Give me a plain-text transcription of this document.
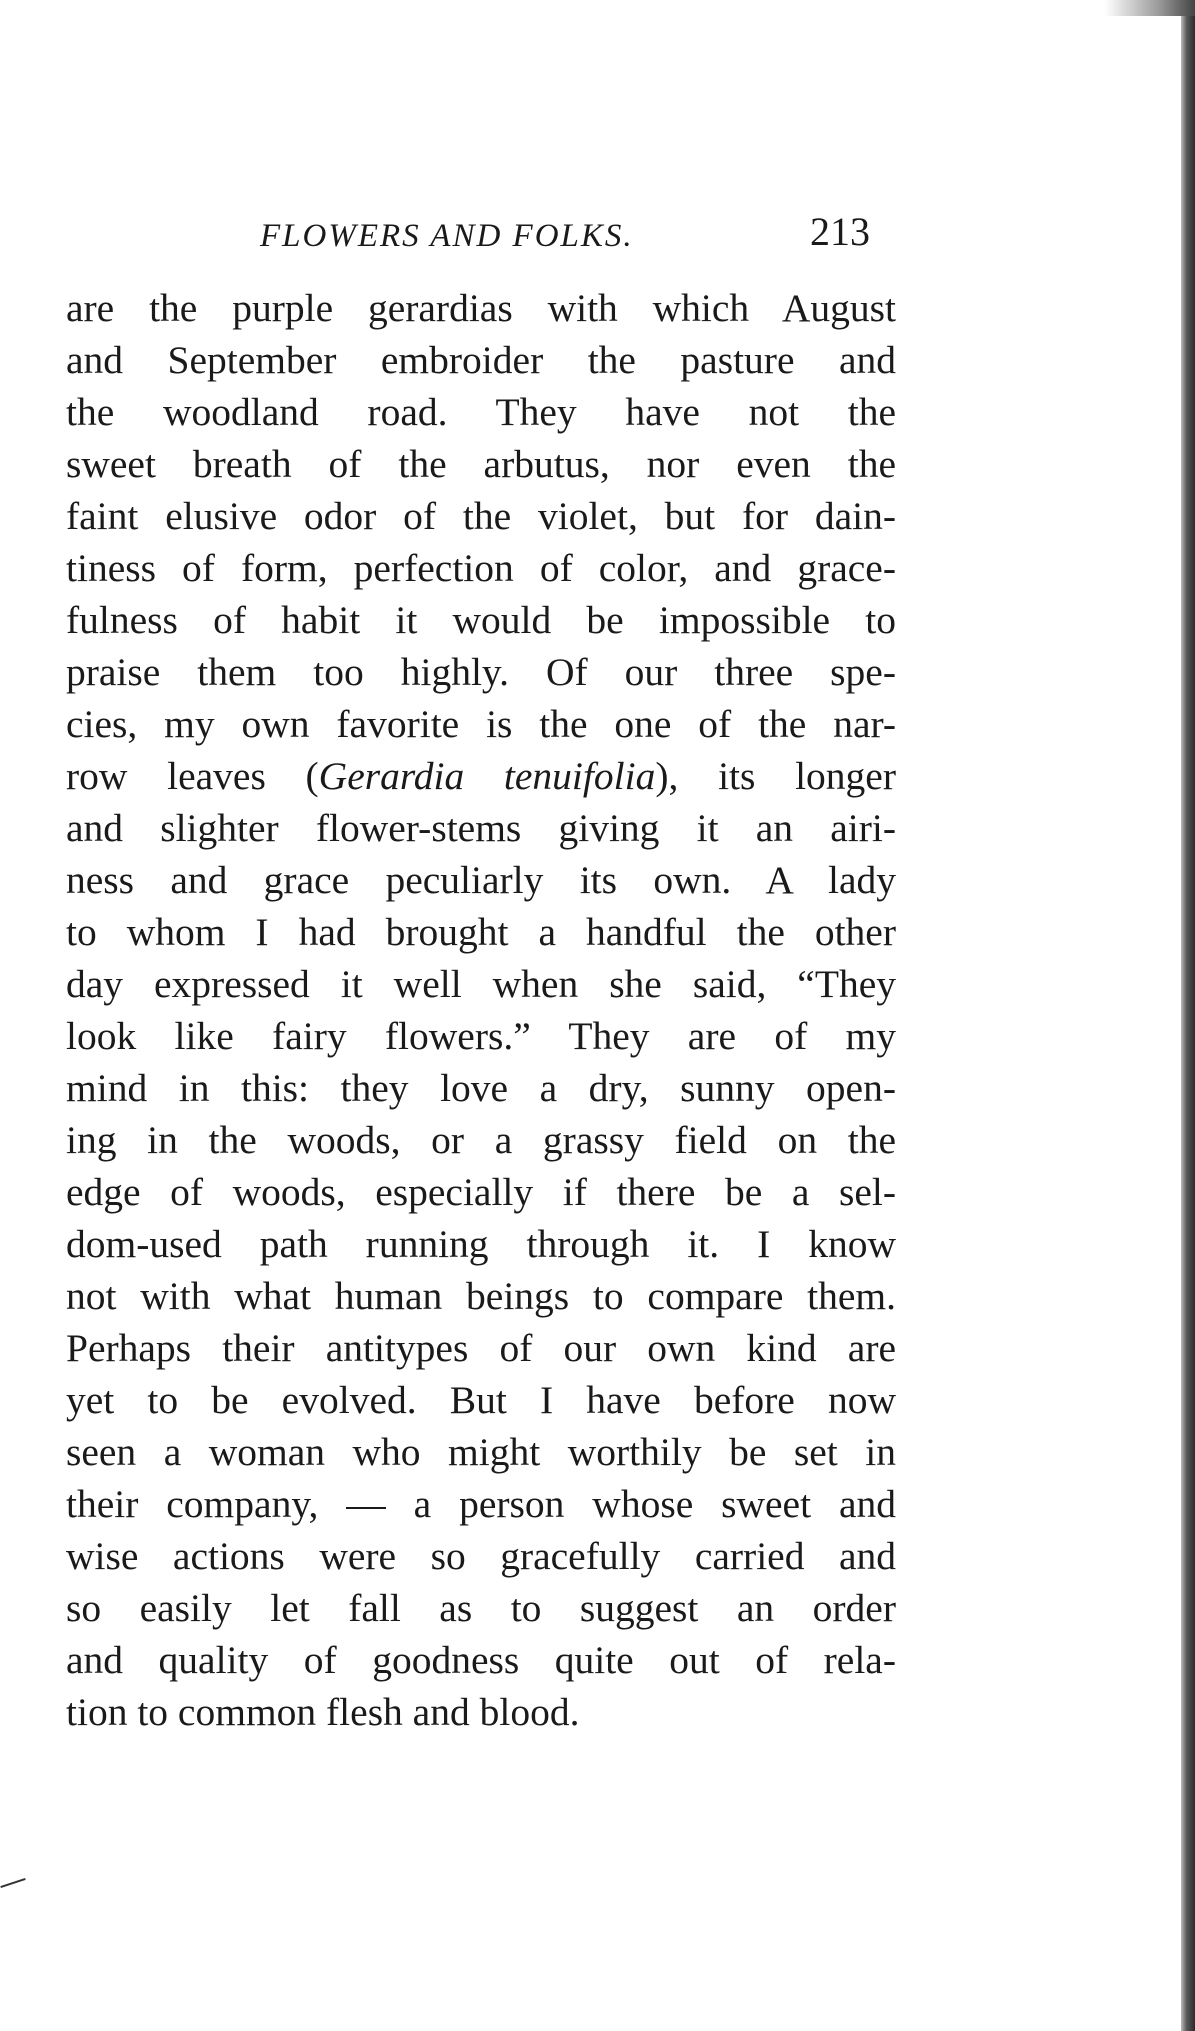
FLOWERS AND FOLKS.	213
are the purple gerardias with which August
and September embroider the pasture and
the woodland road. They have not the
sweet breath of the arbutus, nor even the
faint elusive odor of the violet, but for dain-
tiness of form, perfection of color, and grace-
fulness of habit it would be impossible to
praise them too highly. Of our three spe-
cies, my own favorite is the one of the nar-
row leaves (Gerardia tenuifolia), its longer
and slighter flower-stems giving it an airi-
ness and grace peculiarly its own. A lady
to whom I had brought a handful the other
day expressed it well when she said, “They
look like fairy flowers.” They are of my
mind in this: they love a dry, sunny open-
ing in the woods, or a grassy field on the
edge of woods, especially if there be a sel-
dom-used path running through it. I know
not with what human beings to compare them.
Perhaps their antitypes of our own kind are
yet to be evolved. But I have before now
seen a woman who might worthily be set in
their company, — a person whose sweet and
wise actions were so gracefully carried and
so easily let fall as to suggest an order
and quality of goodness quite out of rela-
tion to common flesh and blood.
